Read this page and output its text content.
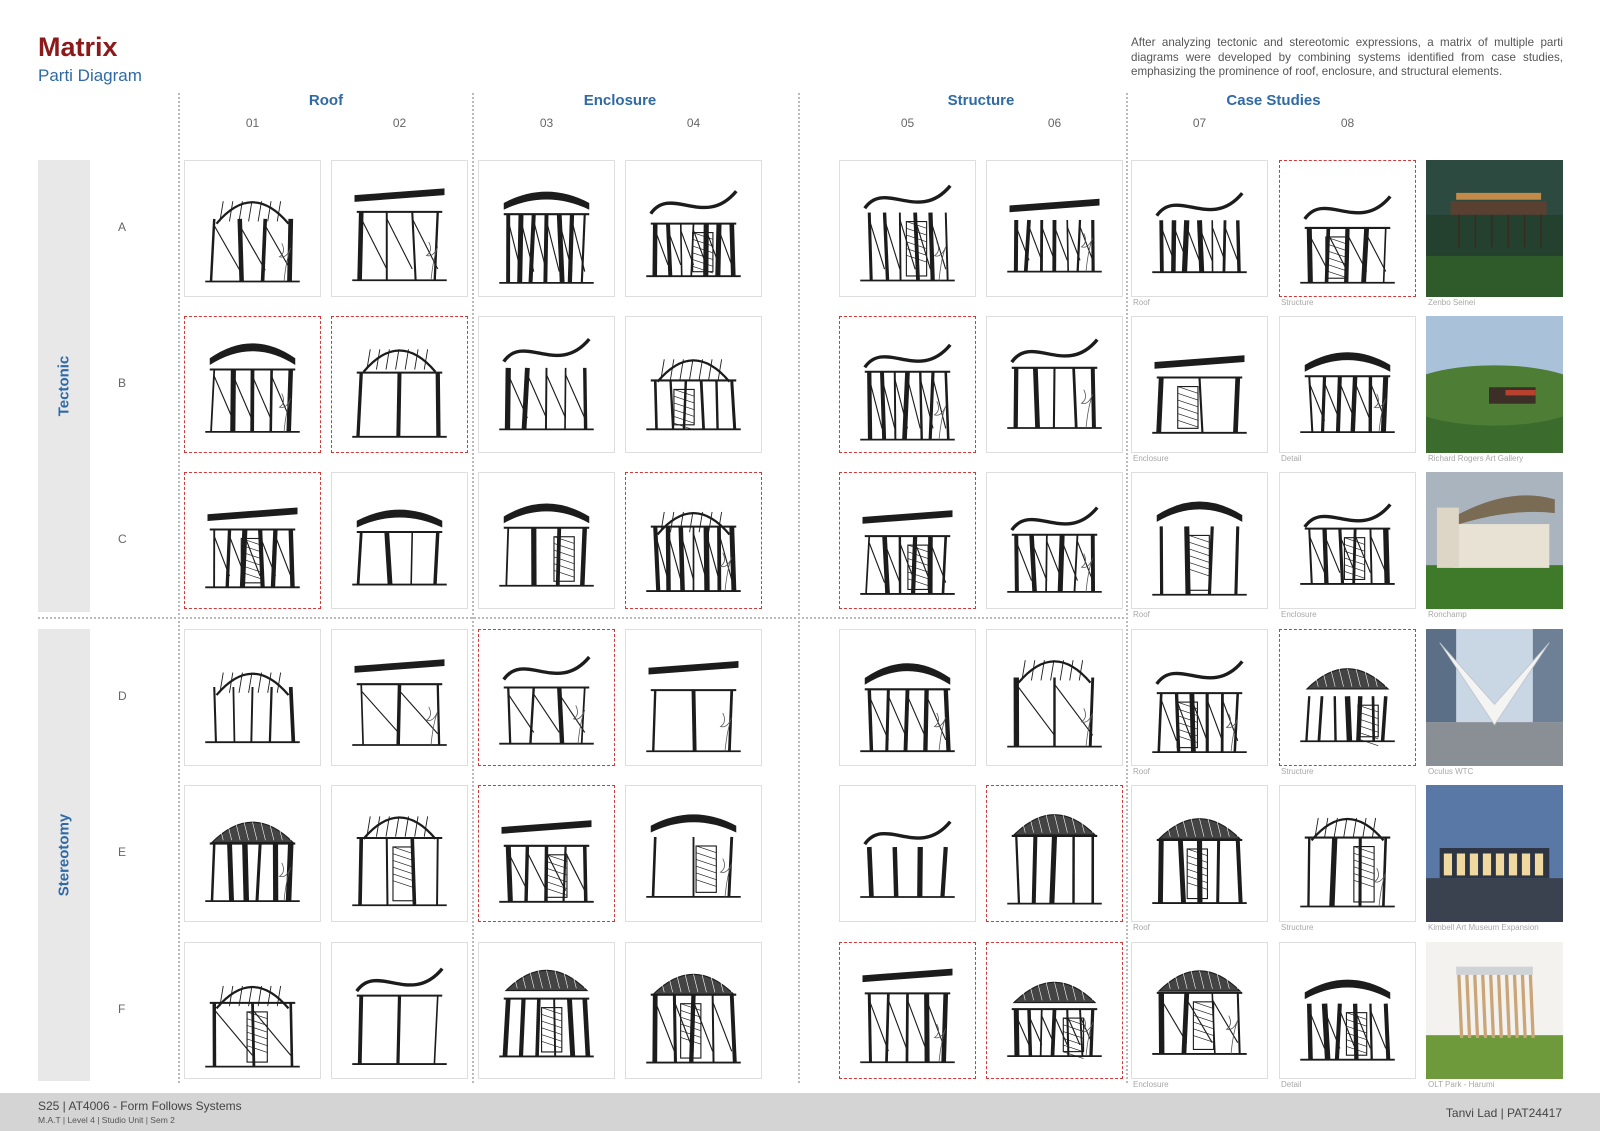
Matrix
Parti Diagram
After analyzing tectonic and stereotomic expressions, a matrix of multiple parti diagrams were developed by combining systems identified from case studies, emphasizing the prominence of roof, enclosure, and structural elements.
Roof	Enclosure	Structure	Case Studies
01	02	03	04	05	06	07	08
Tectonic
Stereotomy
A
B
C
D
E
F
Roof	Structure
Enclosure	Detail
Roof	Enclosure
Roof	Structure
Roof	Structure
Enclosure	Detail
Zenbo Seinei
Richard Rogers Art Gallery
Ronchamp
Oculus WTC
Kimbell Art Museum Expansion
OLT Park - Harumi
S25 | AT4006 - Form Follows Systems
M.A.T | Level 4 | Studio Unit | Sem 2	Tanvi Lad | PAT24417
